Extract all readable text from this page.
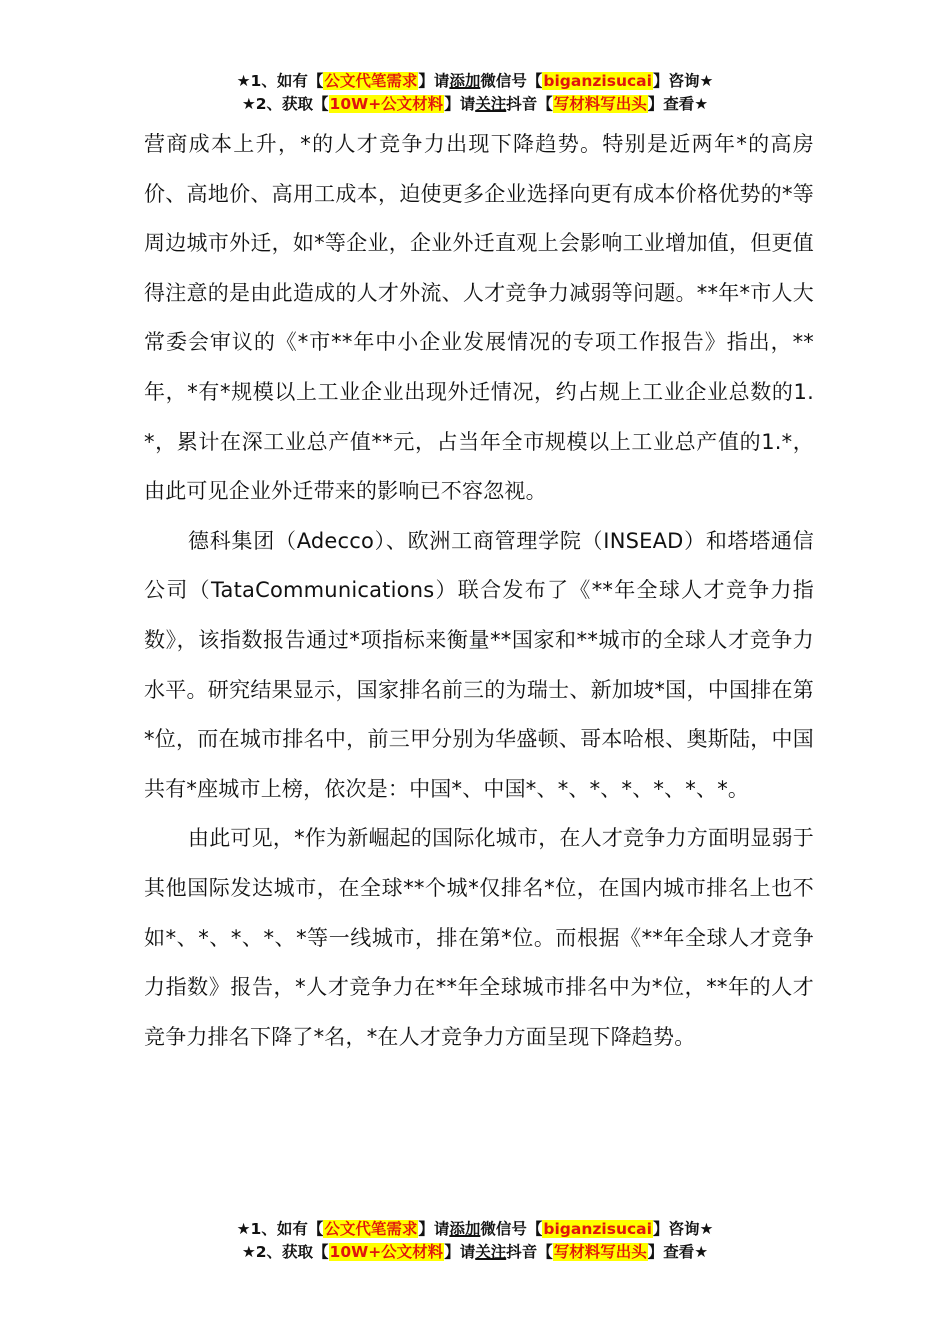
★1、如有【公文代笔需求】请添加微信号【biganzisucai】咨询★
★2、获取【10W+公文材料】请关注抖音【写材料写出头】查看★

营商成本上升，*的人才竞争力出现下降趋势。特别是近两年*的高房价、高地价、高用工成本，迫使更多企业选择向更有成本价格优势的*等周边城市外迁，如*等企业，企业外迁直观上会影响工业增加值，但更值得注意的是由此造成的人才外流、人才竞争力减弱等问题。**年*市人大常委会审议的《*市**年中小企业发展情况的专项工作报告》指出，**年，*有*规模以上工业企业出现外迁情况，约占规上工业企业总数的1.*，累计在深工业总产值**元，占当年全市规模以上工业总产值的1.*，由此可见企业外迁带来的影响已不容忽视。

德科集团（Adecco）、欧洲工商管理学院（INSEAD）和塔塔通信公司（TataCommunications）联合发布了《**年全球人才竞争力指数》，该指数报告通过*项指标来衡量**国家和**城市的全球人才竞争力水平。研究结果显示，国家排名前三的为瑞士、新加坡*国，中国排在第*位，而在城市排名中，前三甲分别为华盛顿、哥本哈根、奥斯陆，中国共有*座城市上榜，依次是：中国*、中国*、*、*、*、*、*、*。

由此可见，*作为新崛起的国际化城市，在人才竞争力方面明显弱于其他国际发达城市，在全球**个城*仅排名*位，在国内城市排名上也不如*、*、*、*、*等一线城市，排在第*位。而根据《**年全球人才竞争力指数》报告，*人才竞争力在**年全球城市排名中为*位，**年的人才竞争力排名下降了*名，*在人才竞争力方面呈现下降趋势。

★1、如有【公文代笔需求】请添加微信号【biganzisucai】咨询★
★2、获取【10W+公文材料】请关注抖音【写材料写出头】查看★
